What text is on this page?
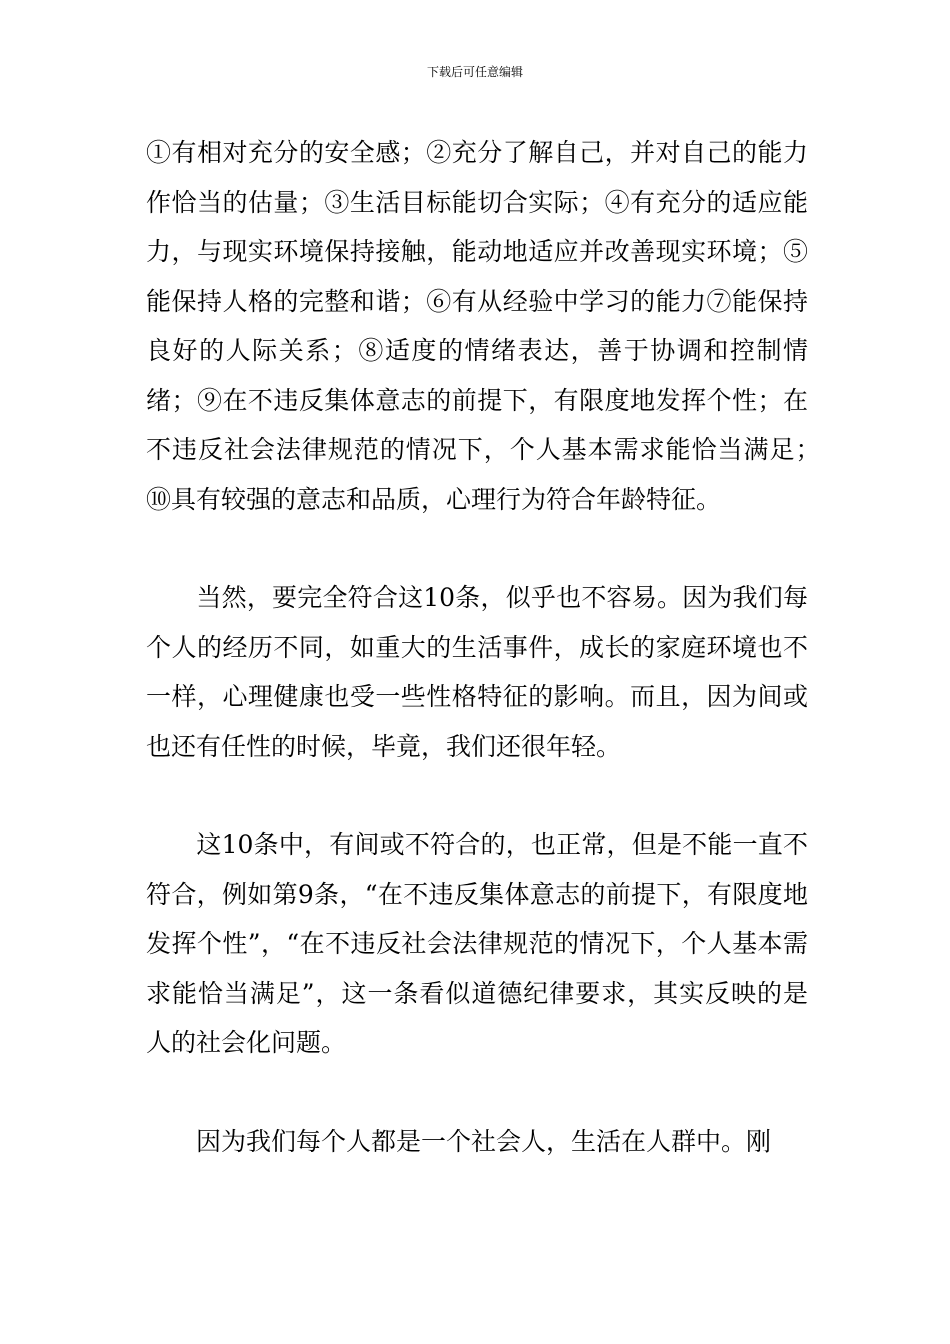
下载后可任意编辑

①有相对充分的安全感；②充分了解自己，并对自己的能力作恰当的估量；③生活目标能切合实际；④有充分的适应能力，与现实环境保持接触，能动地适应并改善现实环境；⑤能保持人格的完整和谐；⑥有从经验中学习的能力⑦能保持良好的人际关系；⑧适度的情绪表达，善于协调和控制情绪；⑨在不违反集体意志的前提下，有限度地发挥个性；在不违反社会法律规范的情况下，个人基本需求能恰当满足；　⑩具有较强的意志和品质，心理行为符合年龄特征。

　　当然，要完全符合这10条，似乎也不容易。因为我们每个人的经历不同，如重大的生活事件，成长的家庭环境也不一样，心理健康也受一些性格特征的影响。而且，因为间或也还有任性的时候，毕竟，我们还很年轻。

　　这10条中，有间或不符合的，也正常，但是不能一直不符合，例如第9条，“在不违反集体意志的前提下，有限度地发挥个性”，“在不违反社会法律规范的情况下，个人基本需求能恰当满足”，这一条看似道德纪律要求，其实反映的是人的社会化问题。

　　因为我们每个人都是一个社会人，生活在人群中。刚
